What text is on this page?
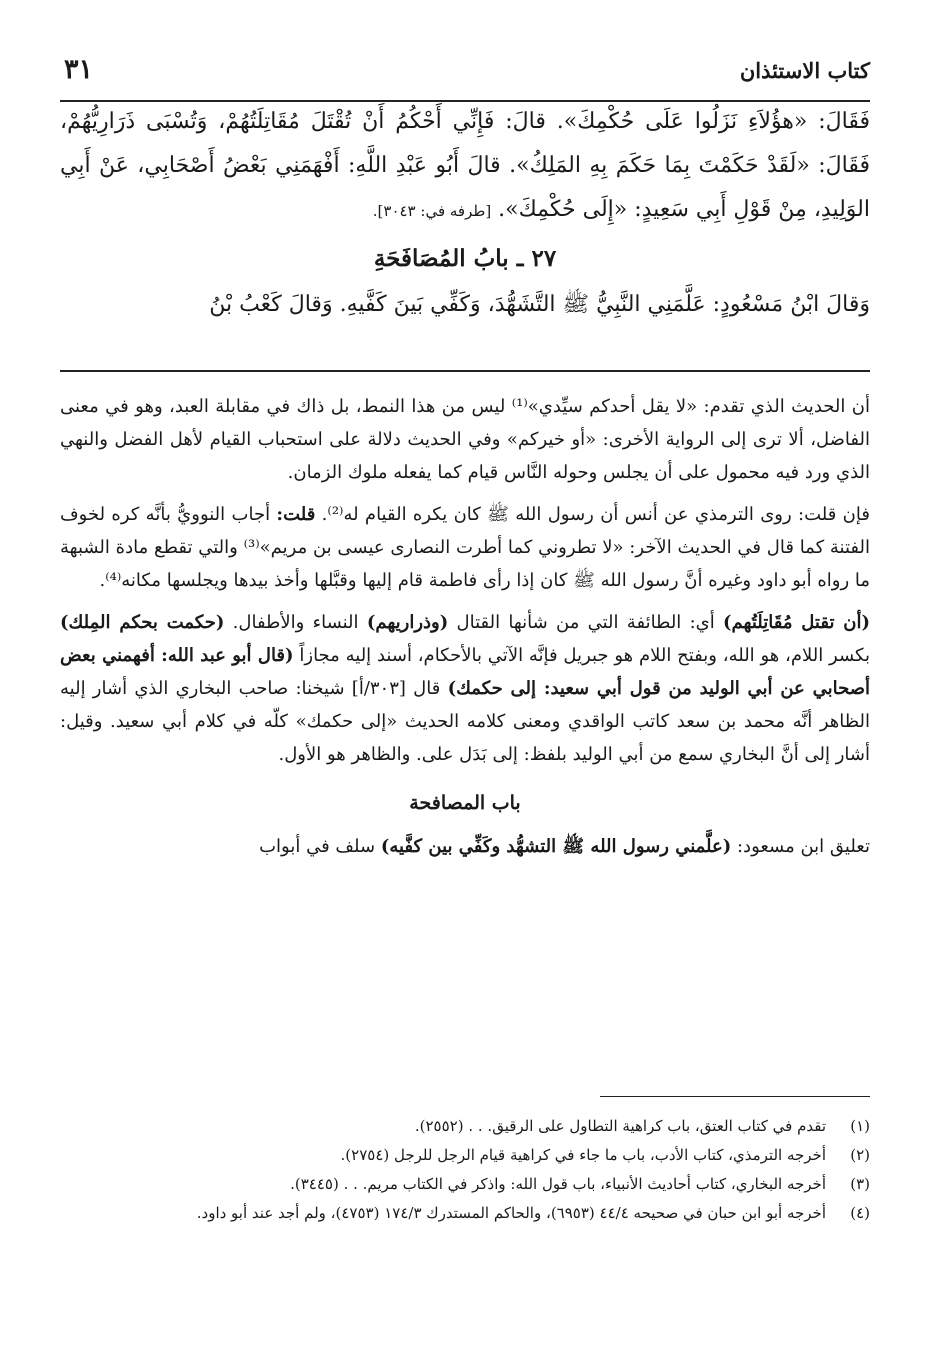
كتاب الاستئذان
٣١

فَقَالَ: «هؤُلاَءِ نَزَلُوا عَلَى حُكْمِكَ». قالَ: فَإِنِّي أَحْكُمُ أَنْ تُقْتَلَ مُقَاتِلَتُهُمْ، وَتُسْبَى ذَرَارِيُّهُمْ، فَقَالَ: «لَقَدْ حَكَمْتَ بِمَا حَكَمَ بِهِ المَلِكُ». قالَ أَبُو عَبْدِ اللَّهِ: أَفْهَمَنِي بَعْضُ أَصْحَابِي، عَنْ أَبِي الوَلِيدِ، مِنْ قَوْلِ أَبِي سَعِيدٍ: «إِلَى حُكْمِكَ». [طرفه في: ٣٠٤٣].

٢٧ ـ بابُ المُصَافَحَةِ

وَقالَ ابْنُ مَسْعُودٍ: عَلَّمَنِي النَّبِيُّ ﷺ التَّشَهُّدَ، وَكَفِّي بَينَ كَفَّيهِ. وَقالَ كَعْبُ بْنُ

أن الحديث الذي تقدم: «لا يقل أحدكم سيِّدي»⁽¹⁾ ليس من هذا النمط، بل ذاك في مقابلة العبد، وهو في معنى الفاضل، ألا ترى إلى الرواية الأخرى: «أو خيركم» وفي الحديث دلالة على استحباب القيام لأهل الفضل والنهي الذي ورد فيه محمول على أن يجلس وحوله النَّاس قيام كما يفعله ملوك الزمان.

فإن قلت: روى الترمذي عن أنس أن رسول الله ﷺ كان يكره القيام له⁽²⁾. قلت: أجاب النوويُّ بأنَّه كره لخوف الفتنة كما قال في الحديث الآخر: «لا تطروني كما أطرت النصارى عيسى بن مريم»⁽³⁾ والتي تقطع مادة الشبهة ما رواه أبو داود وغيره أنَّ رسول الله ﷺ كان إذا رأى فاطمة قام إليها وقبَّلها وأخذ بيدها ويجلسها مكانه⁽⁴⁾.

(أن تقتل مُقَاتِلَتُهم) أي: الطائفة التي من شأنها القتال (وذراريهم) النساء والأطفال. (حكمت بحكم المِلك) بكسر اللام، هو الله، وبفتح اللام هو جبريل فإنَّه الآتي بالأحكام، أسند إليه مجازاً (قال أبو عبد الله: أفهمني بعض أصحابي عن أبي الوليد من قول أبي سعيد: إلى حكمك) قال [٣٠٣/أ] شيخنا: صاحب البخاري الذي أشار إليه الظاهر أنَّه محمد بن سعد كاتب الواقدي ومعنى كلامه الحديث «إلى حكمك» كلّه في كلام أبي سعيد. وقيل: أشار إلى أنَّ البخاري سمع من أبي الوليد بلفظ: إلى بَدَل على. والظاهر هو الأول.

باب المصافحة

تعليق ابن مسعود: (علَّمني رسول الله ﷺ التشهُّد وكَفِّي بين كفَّيه) سلف في أبواب

(١)
تقدم في كتاب العتق، باب كراهية التطاول على الرقيق. . . (٢٥٥٢).
(٢)
أخرجه الترمذي، كتاب الأدب، باب ما جاء في كراهية قيام الرجل للرجل (٢٧٥٤).
(٣)
أخرجه البخاري، كتاب أحاديث الأنبياء، باب قول الله: واذكر في الكتاب مريم. . . (٣٤٤٥).
(٤)
أخرجه أبو ابن حبان في صحيحه ٤٤/٤ (٦٩٥٣)، والحاكم المستدرك ١٧٤/٣ (٤٧٥٣)، ولم أجد عند أبو داود.
